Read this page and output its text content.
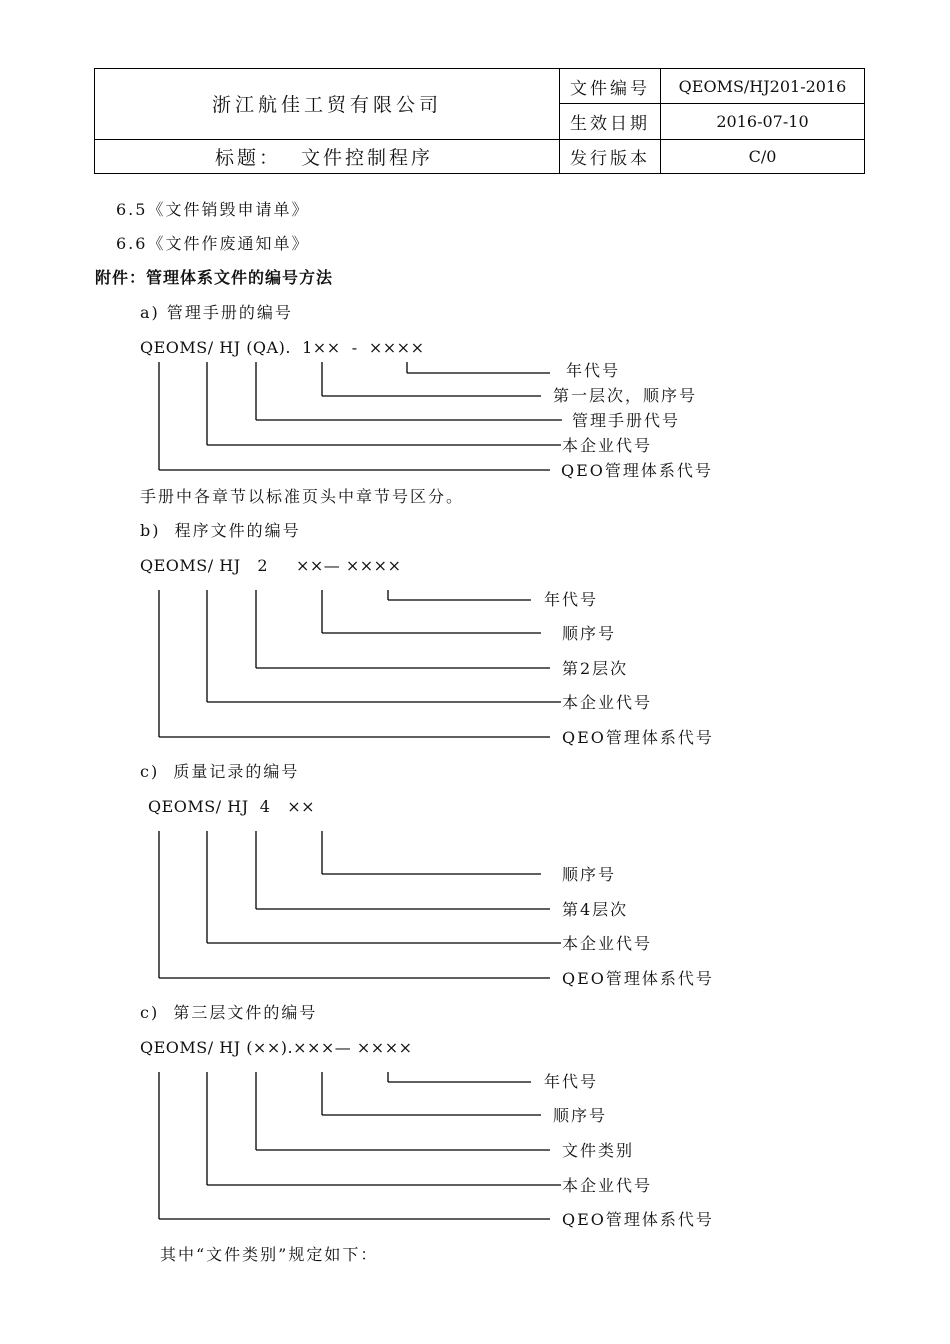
浙江航佳工贸有限公司	文件编号	QEOMS/HJ201-2016
	生效日期	2016-07-10
标题： 文件控制程序	发行版本	C/0
6.5《文件销毁申请单》
6.6《文件作废通知单》
附件：管理体系文件的编号方法
a) 管理手册的编号
QEOMS/ HJ (QA).  1××  -  ××××
年代号
第一层次，顺序号
管理手册代号
本企业代号
QEO管理体系代号
手册中各章节以标准页头中章节号区分。
b)  程序文件的编号
QEOMS/ HJ   2     ××— ××××
年代号
顺序号
第2层次
本企业代号
QEO管理体系代号
c)  质量记录的编号
QEOMS/ HJ  4   ××
顺序号
第4层次
本企业代号
QEO管理体系代号
c)  第三层文件的编号
QEOMS/ HJ (××).×××— ××××
年代号
顺序号
文件类别
本企业代号
QEO管理体系代号
其中“文件类别”规定如下：
